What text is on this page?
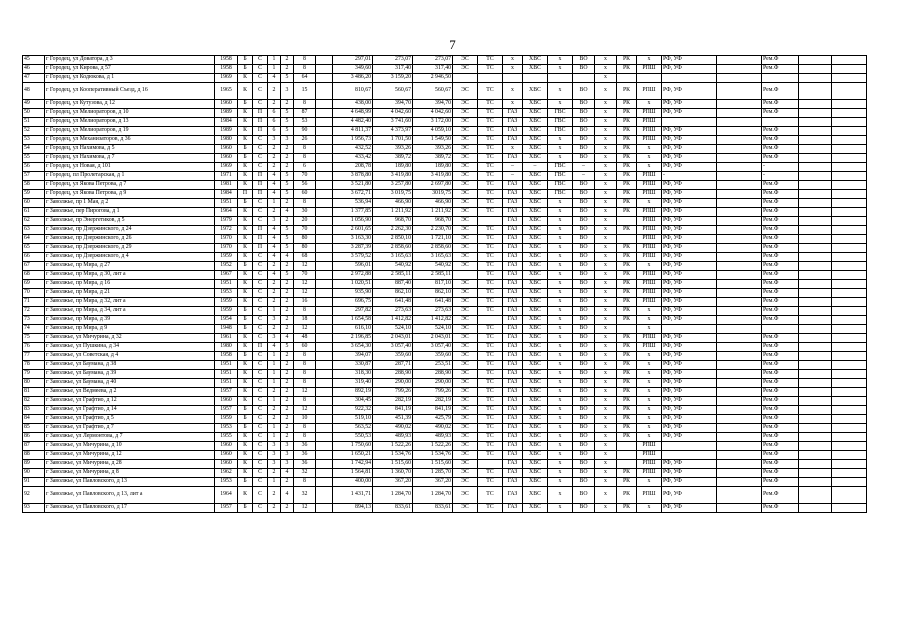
7
45	г Городец, ул Доватора, д 3	1958	Б	С	1	2	8		297,01	273,07	273,07	ЭС	ТС	х	ХВС	х	ВО	х	РК	х	РФ, УФ		Рем.Ф		
46	г Городец, ул Кирова, д 57	1958	Б	С	1	2	8		349,60	317,40	317,40	ЭС	ТС	х	ХВС	х	ВО	х	РК	РПШ	РФ, УФ		Рем.Ф		
47	г Городец, ул Кодюкова, д 1	1969	К	С	4	5	64		3 486,20	3 159,20	2 946,50							х							
48	г Городец, ул Кооперативный Съезд, д 16	1965	К	С	2	3	15		810,67	560,67	560,67	ЭС	ТС	х	ХВС	х	ВО	х	РК	РПШ	РФ, УФ		Рем.Ф		
49	г Городец, ул Кутузова, д 12	1960	Б	С	2	2	8		438,00	394,70	394,70	ЭС	ТС	х	ХВС	х	ВО	х	РК	х	РФ, УФ		Рем.Ф		
50	г Городец, ул Мелиораторов, д 10	1989	К	П	6	5	87		4 648,99	4 042,60	4 042,60	ЭС	ТС	ГАЗ	ХВС	ГВС	ВО	х	РК	РПШ	РФ, УФ		Рем.Ф		
51	г Городец, ул Мелиораторов, д 13	1984	К	П	6	5	53		4 482,40	3 741,60	3 172,00	ЭС	ТС	ГАЗ	ХВС	ГВС	ВО	х	РК	РПШ					
52	г Городец, ул Мелиораторов, д 19	1989	К	П	6	5	90		4 811,37	4 373,97	4 059,10	ЭС	ТС	ГАЗ	ХВС	ГВС	ВО	х	РК	РПШ	РФ, УФ		Рем.Ф		
53	г Городец, ул Механизаторов, д 36	1980	К	С	3	3	26		1 956,73	1 701,50	1 549,50	ЭС	ТС	ГАЗ	ХВС	х	ВО	х	РК	РПШ	РФ, УФ		Рем.Ф		
54	г Городец, ул Нахимова, д 5	1960	Б	С	2	2	8		432,52	393,26	393,26	ЭС	ТС	х	ХВС	х	ВО	х	РК	х	РФ, УФ		Рем.Ф		
55	г Городец, ул Нахимова, д 7	1960	Б	С	2	2	8		433,42	389,72	389,72	ЭС	ТС	ГАЗ	ХВС	х	ВО	х	РК	х	РФ, УФ		Рем.Ф		
56	г Городец, ул Новая, д 101	1969	К	С	2	2	6		208,78	189,80	189,80	ЭС	ТС	–	–	ГВС	–	х	РК	х	РФ, УФ		-		
57	г Городец, пл Пролетарская, д 1	1971	К	П	4	5	70		3 878,80	3 419,80	3 419,80	ЭС	ТС	–	ХВС	ГВС	–	х	РК	РПШ	-		-		
58	г Городец, ул Якова Петрова, д 7	1981	К	П	4	5	56		3 521,80	3 257,80	2 697,80	ЭС	ТС	ГАЗ	ХВС	ГВС	ВО	х	РК	РПШ	РФ, УФ		Рем.Ф		
59	г Городец, ул Якова Петрова, д 9	1984	П	П	4	5	60		3 672,71	3 019,75	3019,75	ЭС	ТС	ГАЗ	ХВС	ГВС	ВО	х	РК	РПШ	РФ, УФ		Рем.Ф		
60	г Заволжье, пр 1 Мая, д 2	1951	Б	С	1	2	8		536,94	466,90	466,90	ЭС	ТС	ГАЗ	ХВС	х	ВО	х	РК	х	РФ, УФ		Рем.Ф		
61	г Заволжье, пер Пирогова, д 1	1964	К	С	2	4	30		1 377,85	1 211,92	1 211,92	ЭС	ТС	ГАЗ	ХВС	х	ВО	х	РК	РПШ	РФ, УФ		Рем.Ф		
62	г Заволжье, пр Энергетиков, д 5	1979	К	С	3	2	20		1 056,90	968,70	968,70	ЭС		ГАЗ	ХВС	х	ВО	х		РПШ	РФ, УФ		Рем.Ф		
63	г Заволжье, пр Дзержинского, д 24	1972	К	П	4	5	70		2 601,65	2 262,30	2 230,70	ЭС	ТС	ГАЗ	ХВС	х	ВО	х	РК	РПШ	РФ, УФ		Рем.Ф		
64	г Заволжье, пр Дзержинского, д 26	1970	К	П	4	5	80		3 163,30	2 850,10	1 721,10	ЭС	ТС	ГАЗ	ХВС	х	ВО	х		РПШ	РФ, УФ		Рем.Ф		
65	г Заволжье, пр Дзержинского, д 29	1970	К	П	4	5	80		3 287,39	2 858,60	2 858,60	ЭС	ТС	ГАЗ	ХВС	х	ВО	х	РК	РПШ	РФ, УФ		Рем.Ф		
66	г Заволжье, пр Дзержинского, д 4	1959	К	С	4	4	68		3 579,52	3 165,63	3 165,63	ЭС	ТС	ГАЗ	ХВС	х	ВО	х	РК	РПШ	РФ, УФ		Рем.Ф		
67	г Заволжье, пр Мира, д 27	1952	Б	С	2	2	12		596,01	540,92	540,92	ЭС	ТС	ГАЗ	ХВС	х	ВО	х	РК	х	РФ, УФ		Рем.Ф		
68	г Заволжье, пр Мира, д 30, лит а	1967	К	С	4	5	70		2 972,88	2 585,11	2 585,11		ТС	ГАЗ	ХВС	х	ВО	х	РК	РПШ	РФ, УФ		Рем.Ф		
69	г Заволжье, пр Мира, д 16	1951	К	С	2	2	12		1 020,51	887,40	817,10	ЭС	ТС	ГАЗ	ХВС	х	ВО	х	РК	РПШ	РФ, УФ		Рем.Ф		
70	г Заволжье, пр Мира, д 21	1953	К	С	2	2	12		935,90	862,10	862,10	ЭС	ТС	ГАЗ	ХВС	х	ВО	х	РК	РПШ	РФ, УФ		Рем.Ф		
71	г Заволжье, пр Мира, д 32, лит а	1959	К	С	2	2	16		696,75	641,48	641,48	ЭС	ТС	ГАЗ	ХВС	х	ВО	х	РК	РПШ	РФ, УФ		Рем.Ф		
72	г Заволжье, пр Мира, д 34, лит а	1959	Б	С	1	2	8		297,82	273,63	273,63	ЭС	ТС	ГАЗ	ХВС	х	ВО	х	РК	х	РФ, УФ		Рем.Ф		
73	г Заволжье, пр Мира, д 39	1954	Б	С	3	2	18		1 654,58	1 412,82	1 412,82	ЭС		ГАЗ	ХВС	х	ВО	х	РК	х	РФ, УФ		Рем.Ф		
74	г Заволжье, пр Мира, д 9	1948	Б	С	2	2	12		616,10	524,10	524,10	ЭС	ТС	ГАЗ	ХВС	х	ВО	х		х					
75	г Заволжье, ул Мичурина, д 32	1961	К	С	3	4	48		2 196,85	2 043,01	2 043,01	ЭС	ТС	ГАЗ	ХВС	х	ВО	х	РК	РПШ	РФ, УФ		Рем.Ф		
76	г Заволжье, ул Пушкина, д 34	1980	К	П	4	5	60		3 654,30	3 057,40	3 057,40	ЭС	ТС	ГАЗ	ХВС	х	ВО	х	РК	РПШ	РФ, УФ		Рем.Ф		
77	г Заволжье, ул Советская, д 4	1958	Б	С	1	2	8		394,07	359,60	359,60	ЭС	ТС	ГАЗ	ХВС	х	ВО	х	РК	х	РФ, УФ		Рем.Ф		
78	г Заволжье, ул Баумана, д 38	1951	К	С	1	2	8		330,87	287,71	253,51	ЭС	ТС	ГАЗ	ХВС	х	ВО	х	РК	х	РФ, УФ		Рем.Ф		
79	г Заволжье, ул Баумана, д 39	1951	К	С	1	2	8		318,30	288,90	288,90	ЭС	ТС	ГАЗ	ХВС	х	ВО	х	РК	х	РФ, УФ		Рем.Ф		
80	г Заволжье, ул Баумана, д 40	1951	К	С	1	2	8		319,40	290,00	290,00	ЭС	ТС	ГАЗ	ХВС	х	ВО	х	РК	х	РФ, УФ		Рем.Ф		
81	г Заволжье, ул Ведмеева, д 2	1957	К	С	2	2	12		892,19	799,26	799,26	ЭС	ТС	ГАЗ	ХВС	х	ВО	х	РК	х	РФ, УФ		Рем.Ф		
82	г Заволжье, ул Графтио, д 12	1960	К	С	1	2	8		304,45	282,19	282,19	ЭС	ТС	ГАЗ	ХВС	х	ВО	х	РК	х	РФ, УФ		Рем.Ф		
83	г Заволжье, ул Графтио, д 14	1957	Б	С	2	2	12		922,32	841,19	841,19	ЭС	ТС	ГАЗ	ХВС	х	ВО	х	РК	х	РФ, УФ		Рем.Ф		
84	г Заволжье, ул Графтио, д 5	1959	Б	С	2	2	10		519,10	451,39	425,79	ЭС	ТС	ГАЗ	ХВС	х	ВО	х	РК	х	РФ, УФ		Рем.Ф		
85	г Заволжье, ул Графтио, д 7	1953	Б	С	1	2	8		563,52	490,02	490,02	ЭС	ТС	ГАЗ	ХВС	х	ВО	х	РК	х	РФ, УФ		Рем.Ф		
86	г Заволжье, ул Лермонтова, д 7	1955	К	С	1	2	8		550,53	489,93	489,93	ЭС	ТС	ГАЗ	ХВС	х	ВО	х	РК	х	РФ, УФ		Рем.Ф		
87	г Заволжье, ул Мичурина, д 10	1960	К	С	3	3	36		1 750,60	1 522,26	1 522,26	ЭС	ТС	ГАЗ	ХВС	х	ВО	х		РПШ			Рем.Ф		
88	г Заволжье, ул Мичурина, д 12	1960	К	С	3	3	36		1 650,21	1 534,76	1 534,76	ЭС	ТС	ГАЗ	ХВС	х	ВО	х		РПШ			Рем.Ф		
89	г Заволжье, ул Мичурина, д 28	1960	К	С	3	3	36		1 742,94	1 515,60	1 515,60	ЭС		ГАЗ	ХВС	х	ВО	х		РПШ	РФ, УФ		Рем.Ф		
90	г Заволжье, ул Мичурина, д 8	1962	К	С	2	4	32		1 564,81	1 360,70	1 285,70	ЭС	ТС	ГАЗ	ХВС	х	ВО	х	РК	РПШ	РФ, УФ		Рем.Ф		
91	г Заволжье, ул Павловского, д 13	1953	Б	С	1	2	8		400,00	367,20	367,20	ЭС	ТС	ГАЗ	ХВС	х	ВО	х	РК	х	РФ, УФ		Рем.Ф		
92	г Заволжье, ул Павловского, д 13, лит а	1964	К	С	2	4	32		1 431,71	1 284,70	1 284,70	ЭС	ТС	ГАЗ	ХВС	х	ВО	х	РК	РПШ	РФ, УФ		Рем.Ф		
93	г Заволжье, ул Павловского, д 17	1957	Б	С	2	2	12		894,13	833,61	833,61	ЭС	ТС	ГАЗ	ХВС	х	ВО	х	РК	х	РФ, УФ		Рем.Ф		
